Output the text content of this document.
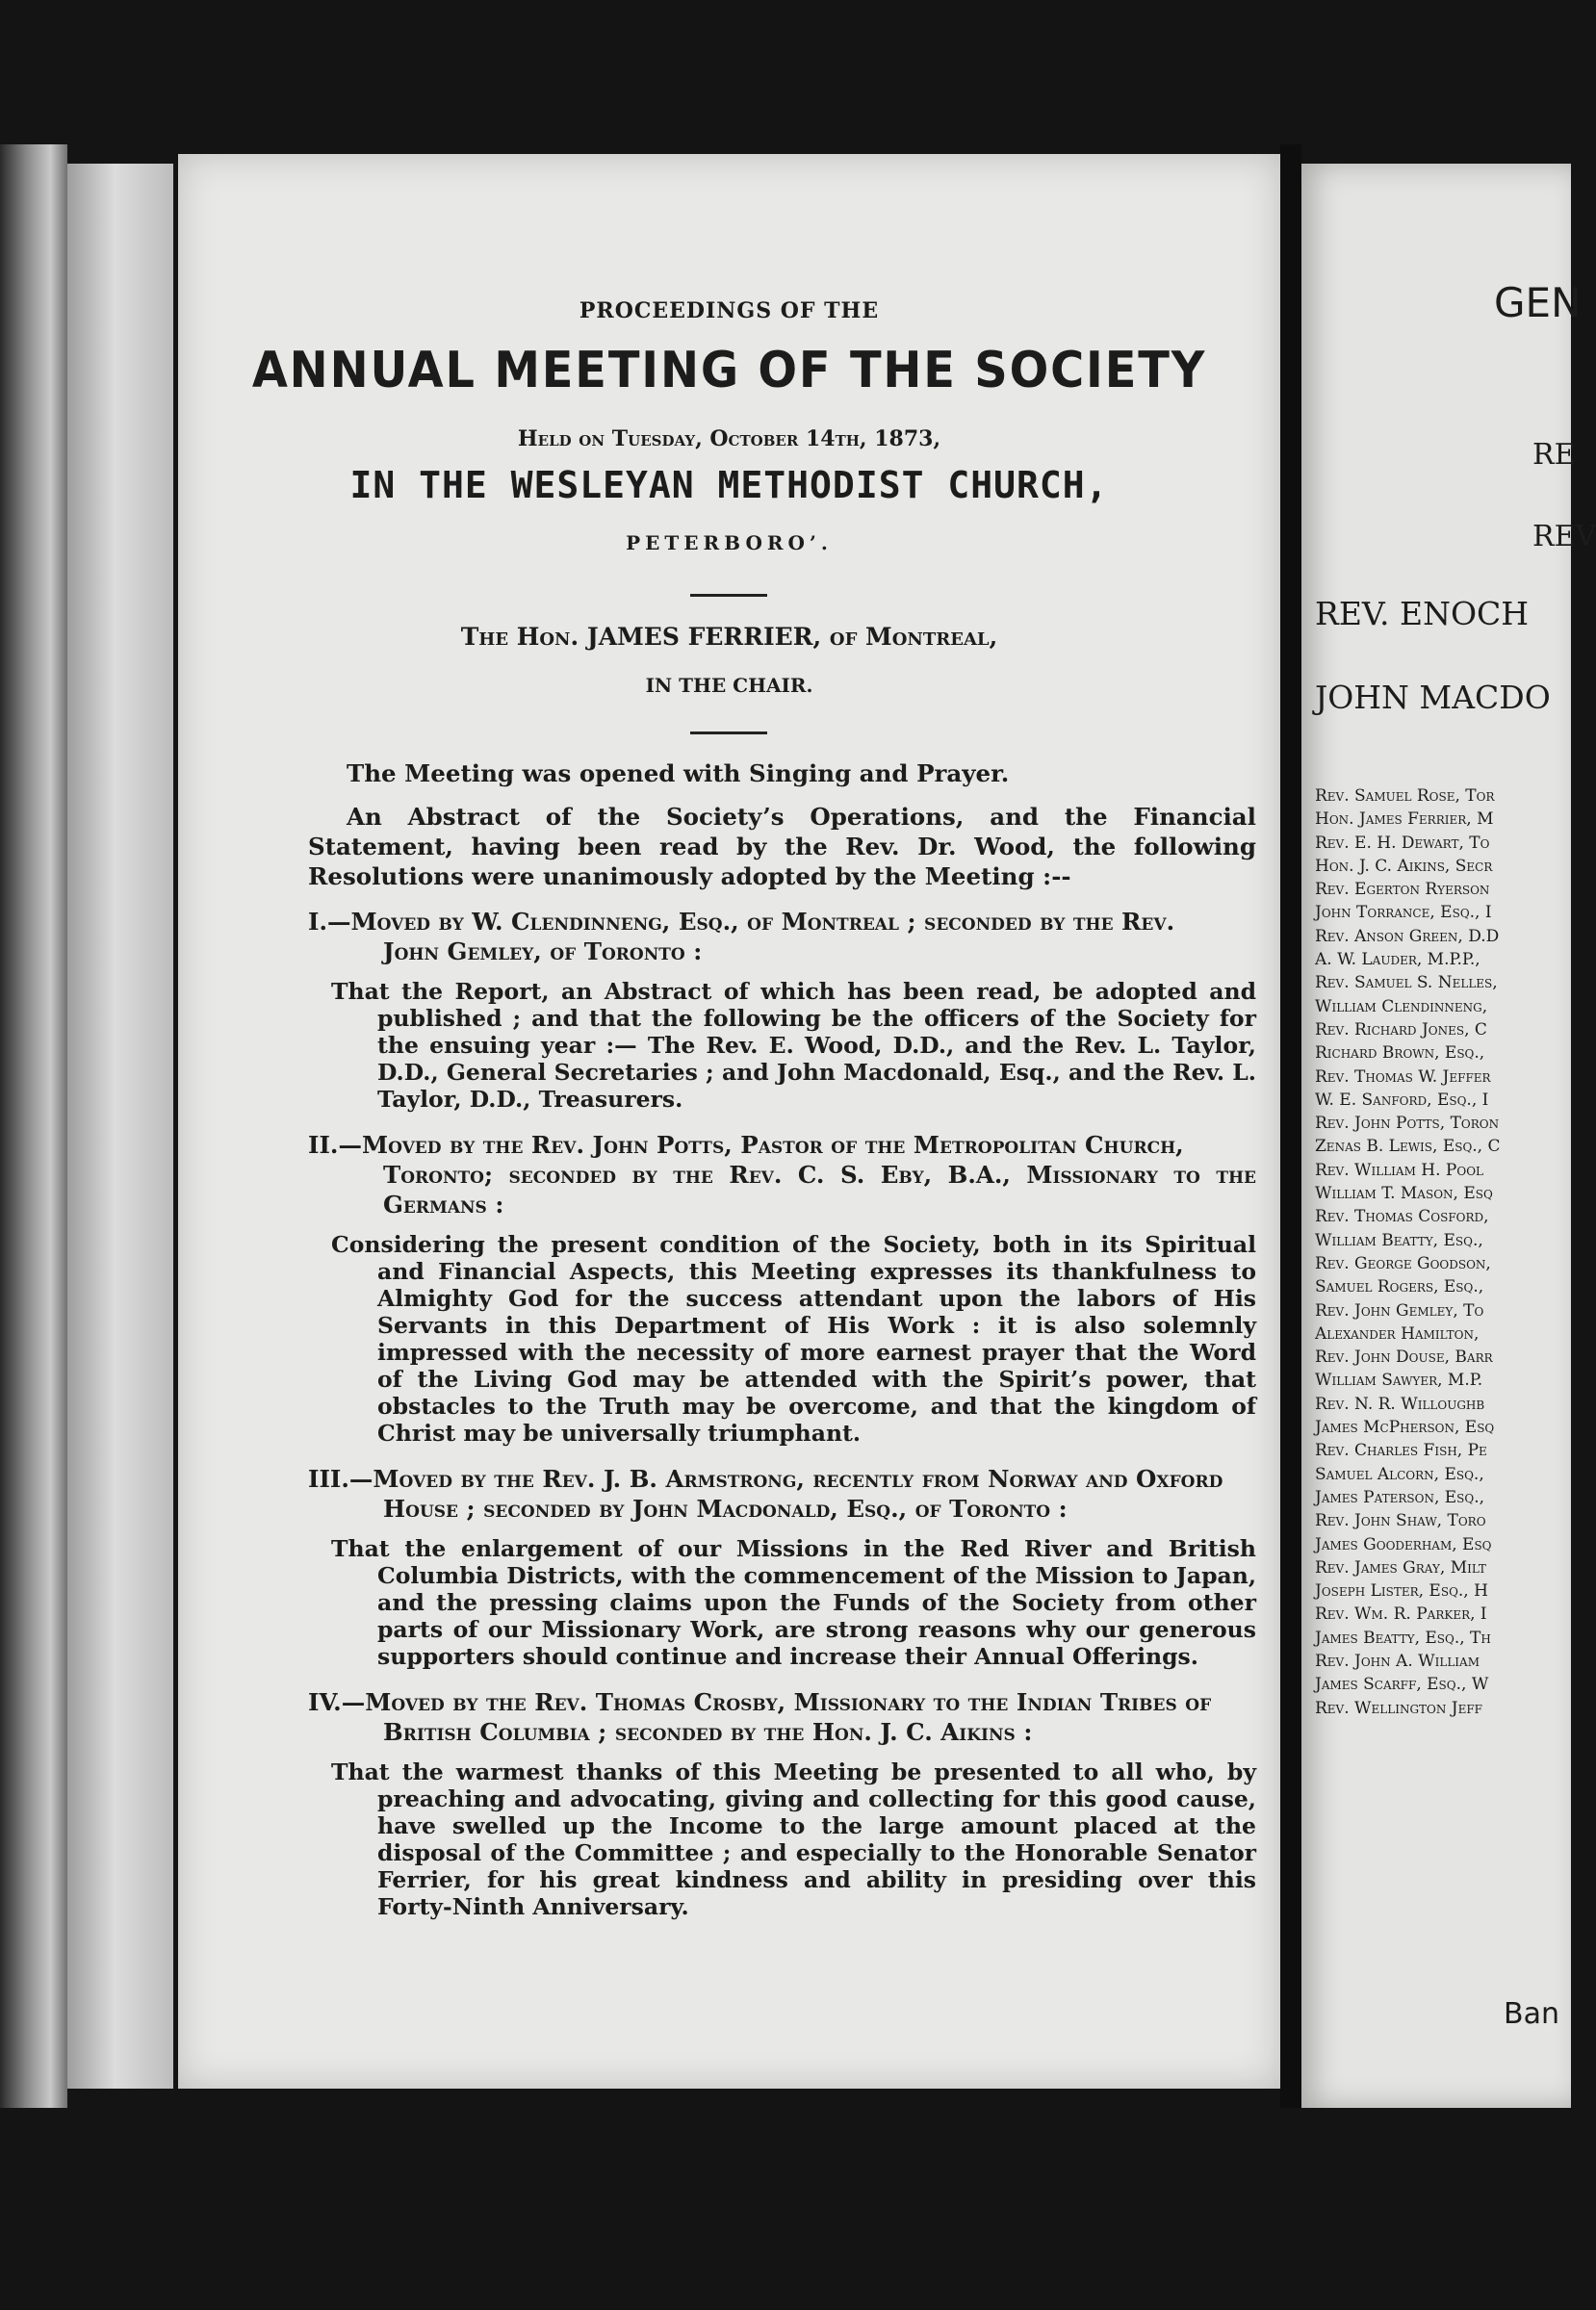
PROCEEDINGS OF THE
ANNUAL MEETING OF THE SOCIETY
Held on Tuesday, October 14th, 1873,
IN THE WESLEYAN METHODIST CHURCH,
PETERBORO’.
The Hon. JAMES FERRIER, of Montreal,
IN THE CHAIR.

The Meeting was opened with Singing and Prayer.

An Abstract of the Society’s Operations, and the Financial Statement, having been read by the Rev. Dr. Wood, the following Resolutions were unanimously adopted by the Meeting :--

I.—Moved by W. Clendinneng, Esq., of Montreal ; seconded by the Rev.
John Gemley, of Toronto :

That the Report, an Abstract of which has been read, be adopted and published ; and that the following be the officers of the Society for the ensuing year :— The Rev. E. Wood, D.D., and the Rev. L. Taylor, D.D., General Secretaries ; and John Macdonald, Esq., and the Rev. L. Taylor, D.D., Treasurers.

II.—Moved by the Rev. John Potts, Pastor of the Metropolitan Church,
Toronto; seconded by the Rev. C. S. Eby, B.A., Missionary to the Germans :

Considering the present condition of the Society, both in its Spiritual and Financial Aspects, this Meeting expresses its thankfulness to Almighty God for the success attendant upon the labors of His Servants in this Department of His Work : it is also solemnly impressed with the necessity of more earnest prayer that the Word of the Living God may be attended with the Spirit’s power, that obstacles to the Truth may be overcome, and that the kingdom of Christ may be universally triumphant.

III.—Moved by the Rev. J. B. Armstrong, recently from Norway and Oxford
House ; seconded by John Macdonald, Esq., of Toronto :

That the enlargement of our Missions in the Red River and British Columbia Districts, with the commencement of the Mission to Japan, and the pressing claims upon the Funds of the Society from other parts of our Missionary Work, are strong reasons why our generous supporters should continue and increase their Annual Offerings.

IV.—Moved by the Rev. Thomas Crosby, Missionary to the Indian Tribes of
British Columbia ; seconded by the Hon. J. C. Aikins :

That the warmest thanks of this Meeting be presented to all who, by preaching and advocating, giving and collecting for this good cause, have swelled up the Income to the large amount placed at the disposal of the Committee ; and especially to the Honorable Senator Ferrier, for his great kindness and ability in presiding over this Forty-Ninth Anniversary.

GEN
RE
REV
REV. ENOCH
JOHN MACDO
Rev. Samuel Rose, Tor
Hon. James Ferrier, M
Rev. E. H. Dewart, To
Hon. J. C. Aikins, Secr
Rev. Egerton Ryerson
John Torrance, Esq., I
Rev. Anson Green, D.D
A. W. Lauder, M.P.P.,
Rev. Samuel S. Nelles,
William Clendinneng,
Rev. Richard Jones, C
Richard Brown, Esq.,
Rev. Thomas W. Jeffer
W. E. Sanford, Esq., I
Rev. John Potts, Toron
Zenas B. Lewis, Esq., C
Rev. William H. Pool
William T. Mason, Esq
Rev. Thomas Cosford,
William Beatty, Esq.,
Rev. George Goodson,
Samuel Rogers, Esq.,
Rev. John Gemley, To
Alexander Hamilton,
Rev. John Douse, Barr
William Sawyer, M.P.
Rev. N. R. Willoughb
James McPherson, Esq
Rev. Charles Fish, Pe
Samuel Alcorn, Esq.,
James Paterson, Esq.,
Rev. John Shaw, Toro
James Gooderham, Esq
Rev. James Gray, Milt
Joseph Lister, Esq., H
Rev. Wm. R. Parker, I
James Beatty, Esq., Th
Rev. John A. William
James Scarff, Esq., W
Rev. Wellington Jeff
Ban
